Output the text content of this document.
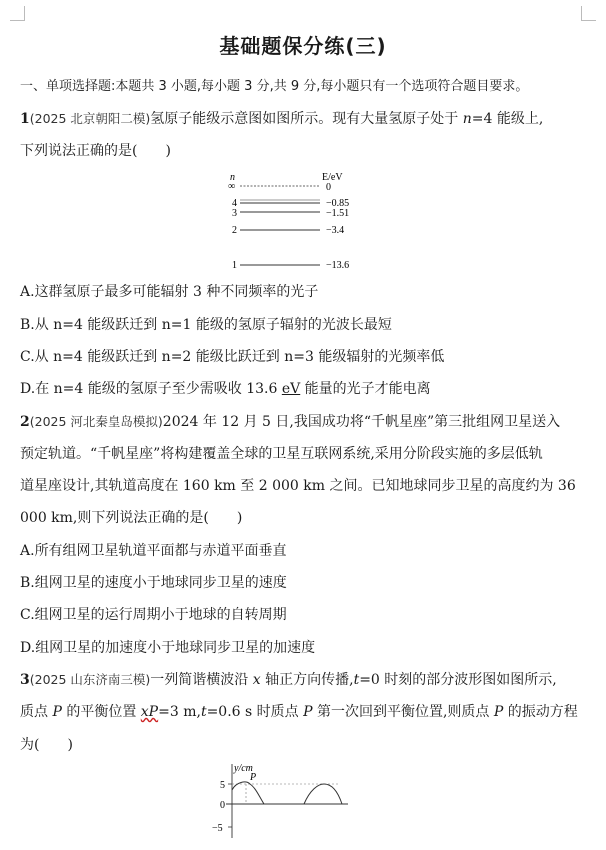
基础题保分练(三)
一、单项选择题:本题共 3 小题,每小题 3 分,共 9 分,每小题只有一个选项符合题目要求。
1(2025 北京朝阳二模)氢原子能级示意图如图所示。现有大量氢原子处于 n=4 能级上,
下列说法正确的是(　　)
n	E/eV
∞	0
4	−0.85
3	−1.51
2	−3.4
1	−13.6
A.这群氢原子最多可能辐射 3 种不同频率的光子
B.从 n=4 能级跃迁到 n=1 能级的氢原子辐射的光波长最短
C.从 n=4 能级跃迁到 n=2 能级比跃迁到 n=3 能级辐射的光频率低
D.在 n=4 能级的氢原子至少需吸收 13.6 eV 能量的光子才能电离
2(2025 河北秦皇岛模拟)2024 年 12 月 5 日,我国成功将“千帆星座”第三批组网卫星送入
预定轨道。“千帆星座”将构建覆盖全球的卫星互联网系统,采用分阶段实施的多层低轨
道星座设计,其轨道高度在 160 km 至 2 000 km 之间。已知地球同步卫星的高度约为 36
000 km,则下列说法正确的是(　　)
A.所有组网卫星轨道平面都与赤道平面垂直
B.组网卫星的速度小于地球同步卫星的速度
C.组网卫星的运行周期小于地球的自转周期
D.组网卫星的加速度小于地球同步卫星的加速度
3(2025 山东济南三模)一列简谐横波沿 x 轴正方向传播,t=0 时刻的部分波形图如图所示,
质点 P 的平衡位置 xP=3 m,t=0.6 s 时质点 P 第一次回到平衡位置,则质点 P 的振动方程
为(　　)
y/cm
5
0
−5
P
